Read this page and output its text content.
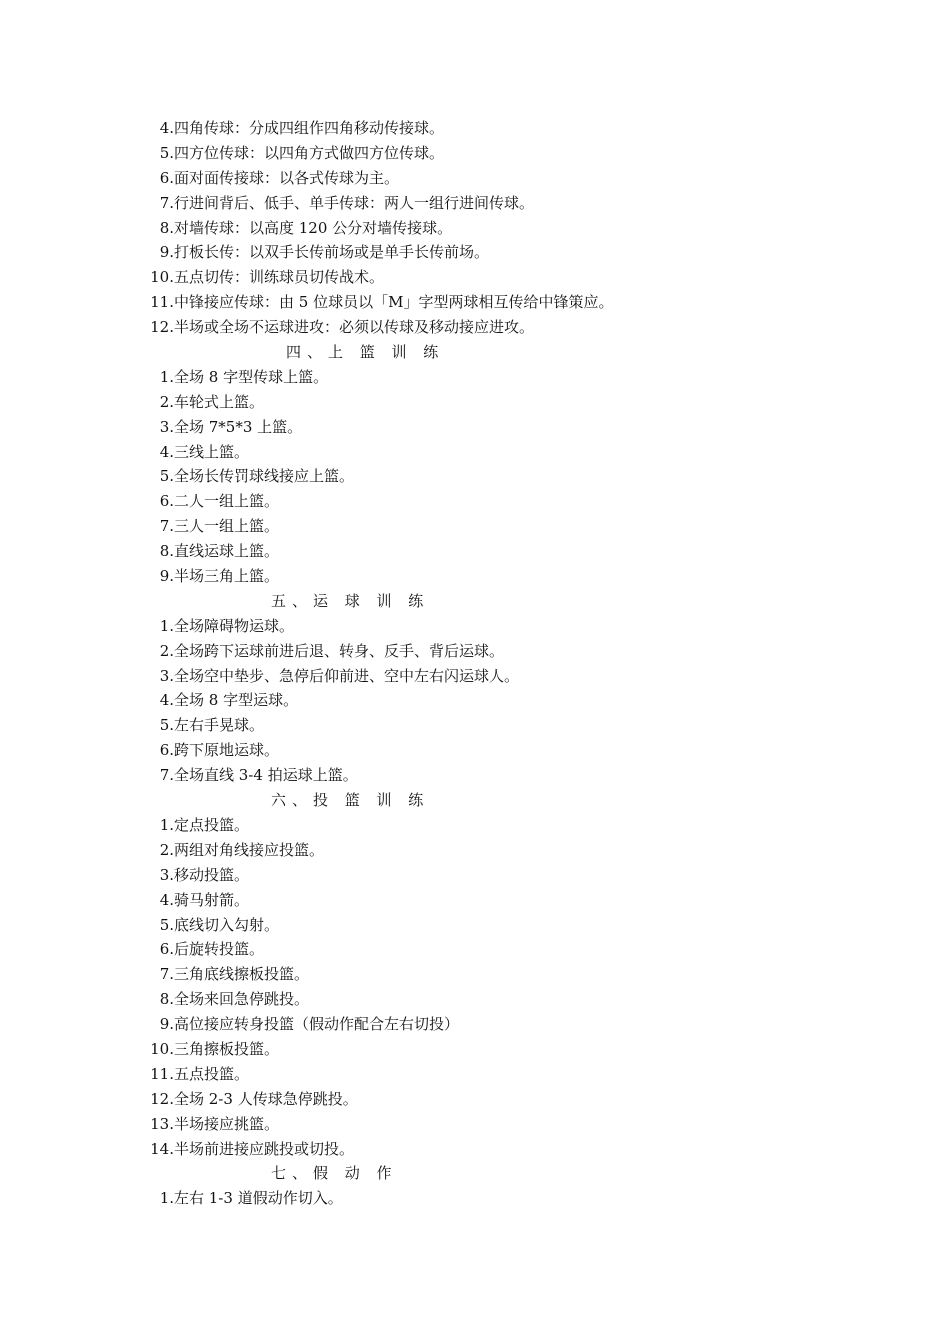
4. 四角传球：分成四组作四角移动传接球。
5. 四方位传球：以四角方式做四方位传球。
6. 面对面传接球：以各式传球为主。
7. 行进间背后、低手、单手传球：两人一组行进间传球。
8. 对墙传球：以高度 120 公分对墙传接球。
9. 打板长传：以双手长传前场或是单手长传前场。
10. 五点切传：训练球员切传战术。
11. 中锋接应传球：由 5 位球员以「M」字型两球相互传给中锋策应。
12. 半场或全场不运球进攻：必须以传球及移动接应进攻。
四、上 篮 训 练
1. 全场 8 字型传球上篮。
2. 车轮式上篮。
3. 全场 7*5*3 上篮。
4. 三线上篮。
5. 全场长传罚球线接应上篮。
6. 二人一组上篮。
7. 三人一组上篮。
8. 直线运球上篮。
9. 半场三角上篮。
五、运 球 训 练
1. 全场障碍物运球。
2. 全场跨下运球前进后退、转身、反手、背后运球。
3. 全场空中垫步、急停后仰前进、空中左右闪运球人。
4. 全场 8 字型运球。
5. 左右手晃球。
6. 跨下原地运球。
7. 全场直线 3-4 拍运球上篮。
六、投 篮 训 练
1. 定点投篮。
2. 两组对角线接应投篮。
3. 移动投篮。
4. 骑马射箭。
5. 底线切入勾射。
6. 后旋转投篮。
7. 三角底线擦板投篮。
8. 全场来回急停跳投。
9. 高位接应转身投篮（假动作配合左右切投）
10. 三角擦板投篮。
11. 五点投篮。
12. 全场 2-3 人传球急停跳投。
13. 半场接应挑篮。
14. 半场前进接应跳投或切投。
七、假 动 作
1. 左右 1-3 道假动作切入。
